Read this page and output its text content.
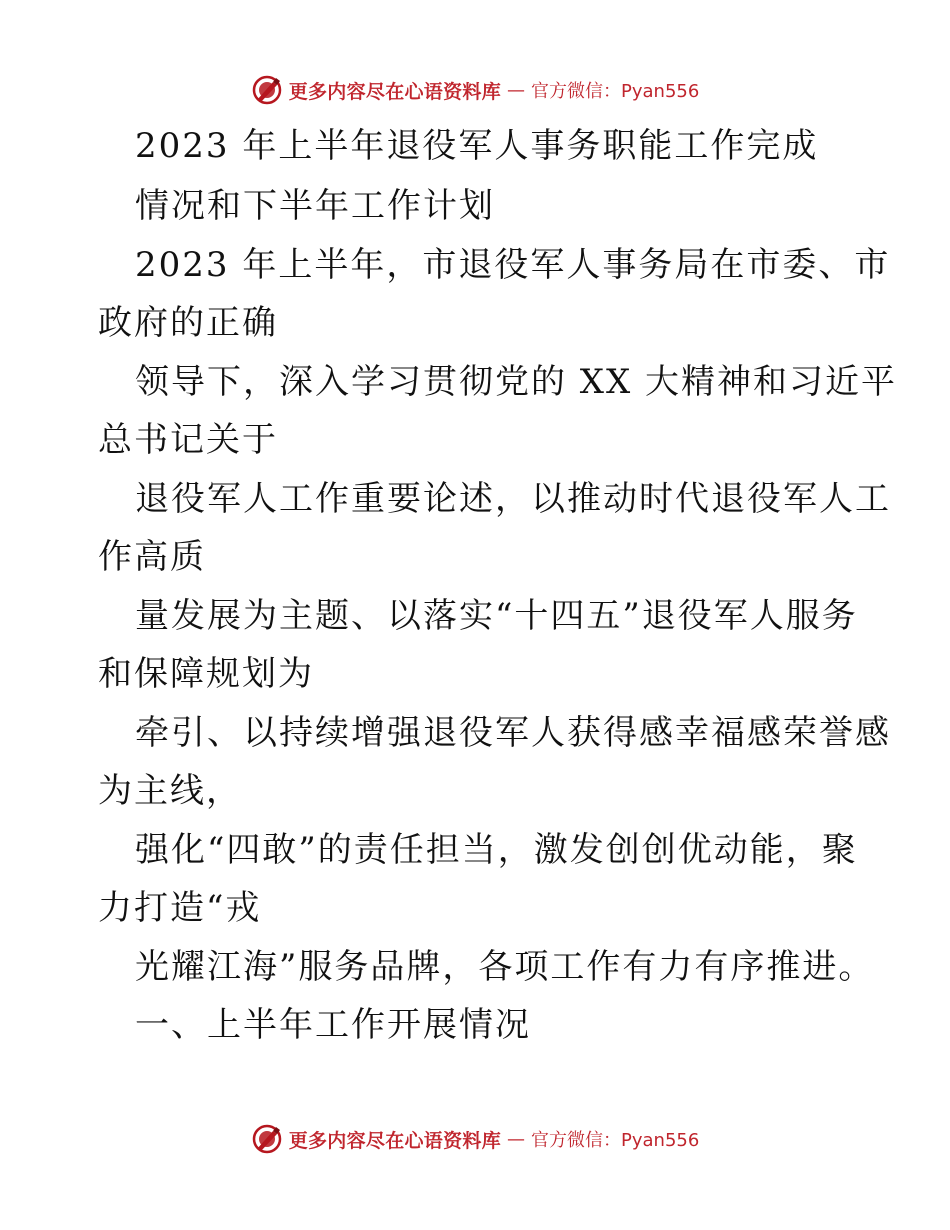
更多内容尽在心语资料库 — 官方微信：Pyan556
2023 年上半年退役军人事务职能工作完成
情况和下半年工作计划
2023 年上半年，市退役军人事务局在市委、市
政府的正确
领导下，深入学习贯彻党的 XX 大精神和习近平
总书记关于
退役军人工作重要论述，以推动时代退役军人工
作高质
量发展为主题、以落实“十四五”退役军人服务
和保障规划为
牵引、以持续增强退役军人获得感幸福感荣誉感
为主线，
强化“四敢”的责任担当，激发创创优动能，聚
力打造“戎
光耀江海”服务品牌，各项工作有力有序推进。
一、上半年工作开展情况
更多内容尽在心语资料库 — 官方微信：Pyan556
